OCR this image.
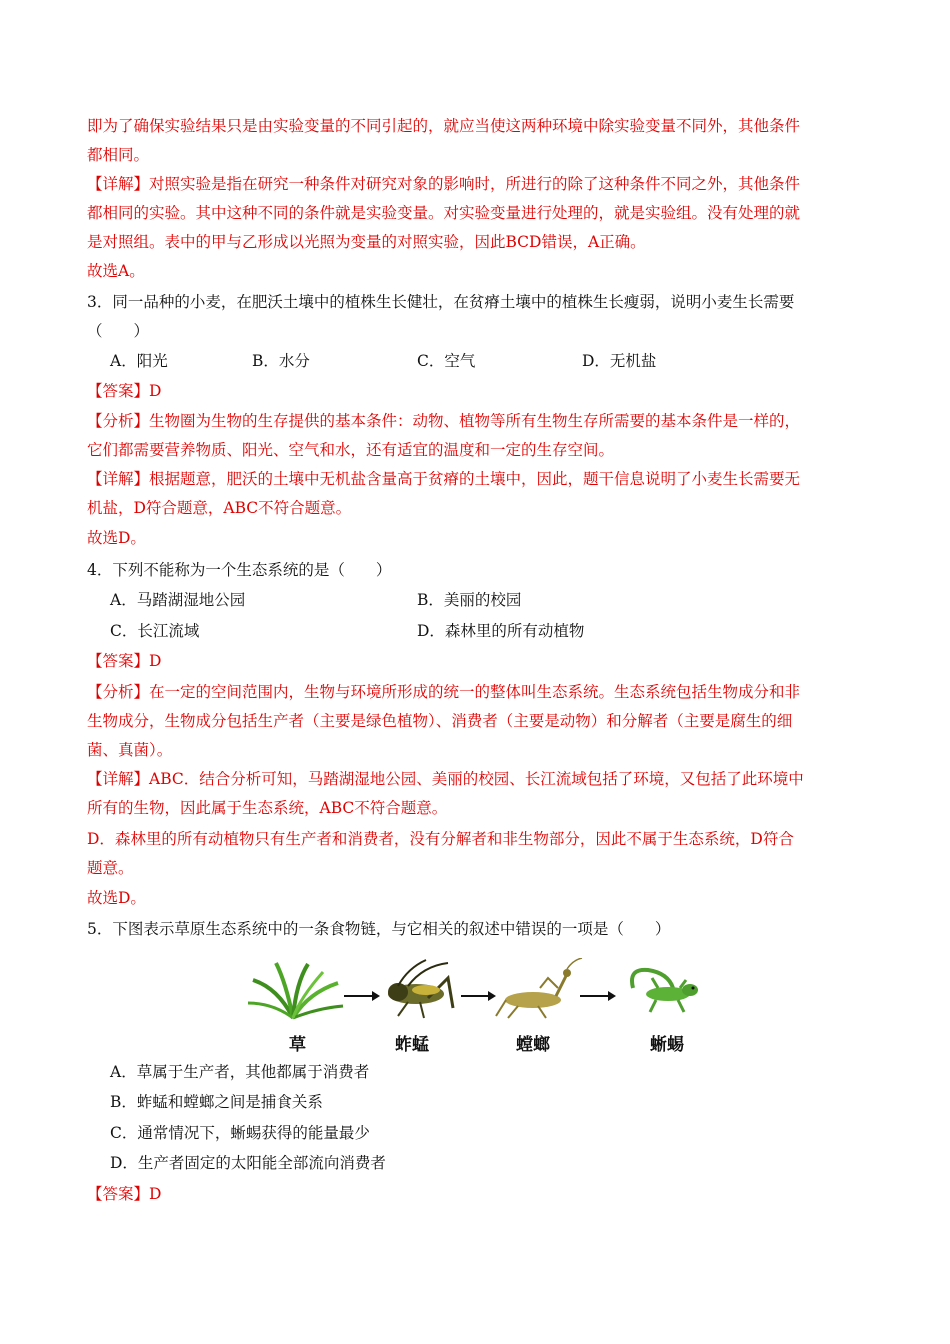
即为了确保实验结果只是由实验变量的不同引起的，就应当使这两种环境中除实验变量不同外，其他条件
都相同。
【详解】对照实验是指在研究一种条件对研究对象的影响时，所进行的除了这种条件不同之外，其他条件
都相同的实验。其中这种不同的条件就是实验变量。对实验变量进行处理的，就是实验组。没有处理的就
是对照组。表中的甲与乙形成以光照为变量的对照实验，因此BCD错误，A正确。
故选A。
3．同一品种的小麦，在肥沃土壤中的植株生长健壮，在贫瘠土壤中的植株生长瘦弱，说明小麦生长需要
（　　）
A．阳光	B．水分	C．空气	D．无机盐
【答案】D
【分析】生物圈为生物的生存提供的基本条件：动物、植物等所有生物生存所需要的基本条件是一样的，
它们都需要营养物质、阳光、空气和水，还有适宜的温度和一定的生存空间。
【详解】根据题意，肥沃的土壤中无机盐含量高于贫瘠的土壤中，因此，题干信息说明了小麦生长需要无
机盐，D符合题意，ABC不符合题意。
故选D。
4．下列不能称为一个生态系统的是（　　）
A．马踏湖湿地公园	B．美丽的校园
C．长江流域	D．森林里的所有动植物
【答案】D
【分析】在一定的空间范围内，生物与环境所形成的统一的整体叫生态系统。生态系统包括生物成分和非
生物成分，生物成分包括生产者（主要是绿色植物）、消费者（主要是动物）和分解者（主要是腐生的细
菌、真菌）。
【详解】ABC．结合分析可知，马踏湖湿地公园、美丽的校园、长江流域包括了环境，又包括了此环境中
所有的生物，因此属于生态系统，ABC不符合题意。
D．森林里的所有动植物只有生产者和消费者，没有分解者和非生物部分，因此不属于生态系统，D符合
题意。
故选D。
5．下图表示草原生态系统中的一条食物链，与它相关的叙述中错误的一项是（　　）
草	蚱蜢	螳螂	蜥蜴
A．草属于生产者，其他都属于消费者
B．蚱蜢和螳螂之间是捕食关系
C．通常情况下，蜥蜴获得的能量最少
D．生产者固定的太阳能全部流向消费者
【答案】D
